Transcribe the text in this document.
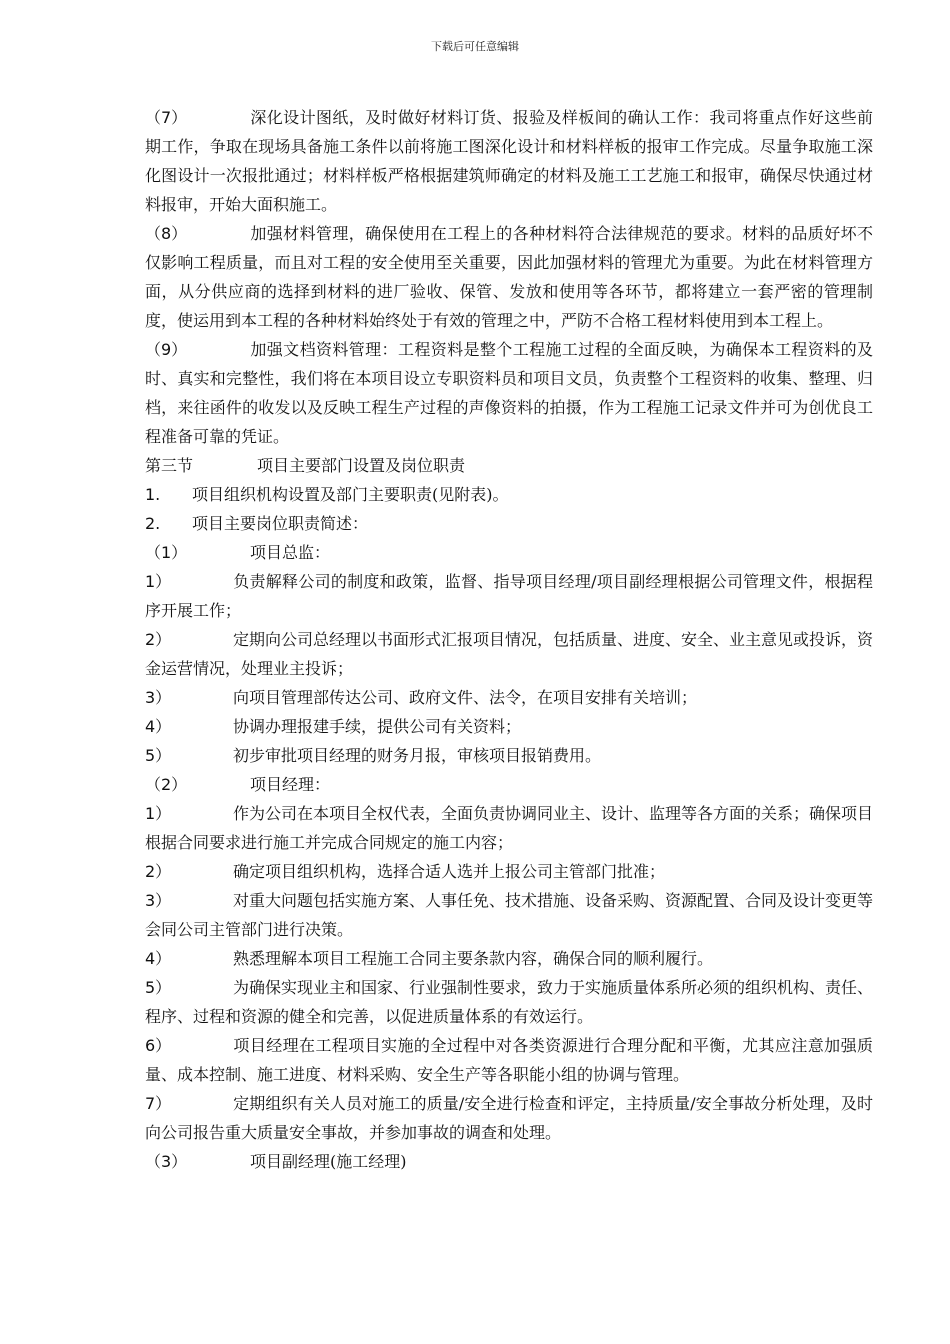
下载后可任意编辑

（7）	深化设计图纸，及时做好材料订货、报验及样板间的确认工作：我司将重点作好这些前期工作，争取在现场具备施工条件以前将施工图深化设计和材料样板的报审工作完成。尽量争取施工深化图设计一次报批通过；材料样板严格根据建筑师确定的材料及施工工艺施工和报审，确保尽快通过材料报审，开始大面积施工。

（8）	加强材料管理，确保使用在工程上的各种材料符合法律规范的要求。材料的品质好坏不仅影响工程质量，而且对工程的安全使用至关重要，因此加强材料的管理尤为重要。为此在材料管理方面，从分供应商的选择到材料的进厂验收、保管、发放和使用等各环节，都将建立一套严密的管理制度，使运用到本工程的各种材料始终处于有效的管理之中，严防不合格工程材料使用到本工程上。

（9）	加强文档资料管理：工程资料是整个工程施工过程的全面反映，为确保本工程资料的及时、真实和完整性，我们将在本项目设立专职资料员和项目文员，负责整个工程资料的收集、整理、归档，来往函件的收发以及反映工程生产过程的声像资料的拍摄，作为工程施工记录文件并可为创优良工程准备可靠的凭证。

第三节	项目主要部门设置及岗位职责

1. 项目组织机构设置及部门主要职责(见附表)。

2. 项目主要岗位职责简述：

（1）	项目总监：

1）	负责解释公司的制度和政策，监督、指导项目经理/项目副经理根据公司管理文件，根据程序开展工作；

2）	定期向公司总经理以书面形式汇报项目情况，包括质量、进度、安全、业主意见或投诉，资金运营情况，处理业主投诉；

3）	向项目管理部传达公司、政府文件、法令，在项目安排有关培训；

4）	协调办理报建手续，提供公司有关资料；

5）	初步审批项目经理的财务月报，审核项目报销费用。

（2）	项目经理：

1）	作为公司在本项目全权代表，全面负责协调同业主、设计、监理等各方面的关系；确保项目根据合同要求进行施工并完成合同规定的施工内容；

2）	确定项目组织机构，选择合适人选并上报公司主管部门批准；

3）	对重大问题包括实施方案、人事任免、技术措施、设备采购、资源配置、合同及设计变更等会同公司主管部门进行决策。

4）	熟悉理解本项目工程施工合同主要条款内容，确保合同的顺利履行。

5）	为确保实现业主和国家、行业强制性要求，致力于实施质量体系所必须的组织机构、责任、程序、过程和资源的健全和完善，以促进质量体系的有效运行。

6）	项目经理在工程项目实施的全过程中对各类资源进行合理分配和平衡，尤其应注意加强质量、成本控制、施工进度、材料采购、安全生产等各职能小组的协调与管理。

7）	定期组织有关人员对施工的质量/安全进行检查和评定，主持质量/安全事故分析处理，及时向公司报告重大质量安全事故，并参加事故的调查和处理。

（3）	项目副经理(施工经理)
